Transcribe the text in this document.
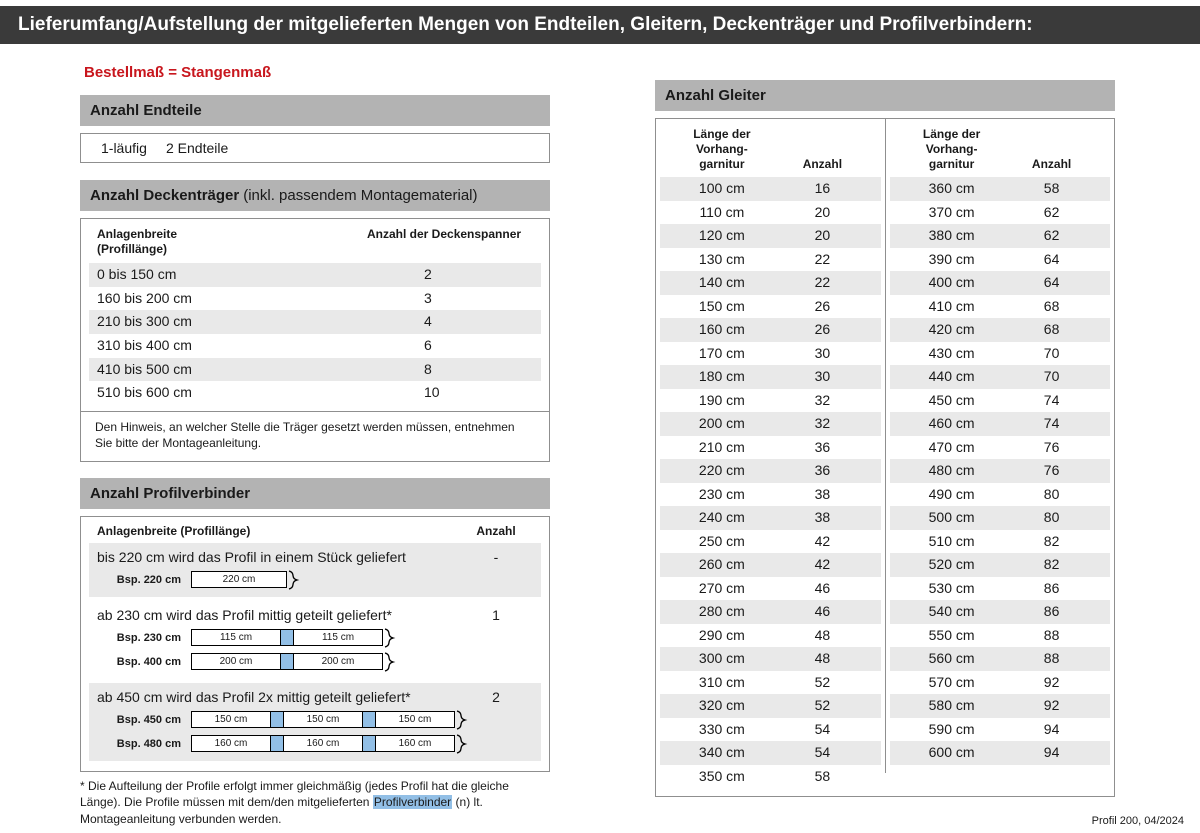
Lieferumfang/Aufstellung der mitgelieferten Mengen von Endteilen, Gleitern, Deckenträger und Profilverbindern:
Bestellmaß = Stangenmaß
Anzahl Endteile
1-läufig	2 Endteile
Anzahl Deckenträger (inkl. passendem Montagematerial)
Anlagenbreite
(Profillänge)
Anzahl der Deckenspanner
0 bis 150 cm	2
160 bis 200 cm	3
210 bis 300 cm	4
310 bis 400 cm	6
410 bis 500 cm	8
510 bis 600 cm	10
Den Hinweis, an welcher Stelle die Träger gesetzt werden müssen, entnehmen Sie bitte der Montageanleitung.
Anzahl Profilverbinder
Anlagenbreite (Profillänge)	Anzahl
bis 220 cm wird das Profil in einem Stück geliefert	-
Bsp. 220 cm	220 cm
ab 230 cm wird das Profil mittig geteilt geliefert*	1
Bsp. 230 cm	115 cm	115 cm
Bsp. 400 cm	200 cm	200 cm
ab 450 cm wird das Profil 2x mittig geteilt geliefert*	2
Bsp. 450 cm	150 cm	150 cm	150 cm
Bsp. 480 cm	160 cm	160 cm	160 cm
* Die Aufteilung der Profile erfolgt immer gleichmäßig (jedes Profil hat die gleiche Länge). Die Profile müssen mit dem/den mitgelieferten Profilverbinder (n) lt. Montageanleitung verbunden werden.
Anzahl Gleiter
Länge der
Vorhang-
garnitur	Anzahl
100 cm	16
110 cm	20
120 cm	20
130 cm	22
140 cm	22
150 cm	26
160 cm	26
170 cm	30
180 cm	30
190 cm	32
200 cm	32
210 cm	36
220 cm	36
230 cm	38
240 cm	38
250 cm	42
260 cm	42
270 cm	46
280 cm	46
290 cm	48
300 cm	48
310 cm	52
320 cm	52
330 cm	54
340 cm	54
350 cm	58
Länge der
Vorhang-
garnitur	Anzahl
360 cm	58
370 cm	62
380 cm	62
390 cm	64
400 cm	64
410 cm	68
420 cm	68
430 cm	70
440 cm	70
450 cm	74
460 cm	74
470 cm	76
480 cm	76
490 cm	80
500 cm	80
510 cm	82
520 cm	82
530 cm	86
540 cm	86
550 cm	88
560 cm	88
570 cm	92
580 cm	92
590 cm	94
600 cm	94
Profil 200, 04/2024
